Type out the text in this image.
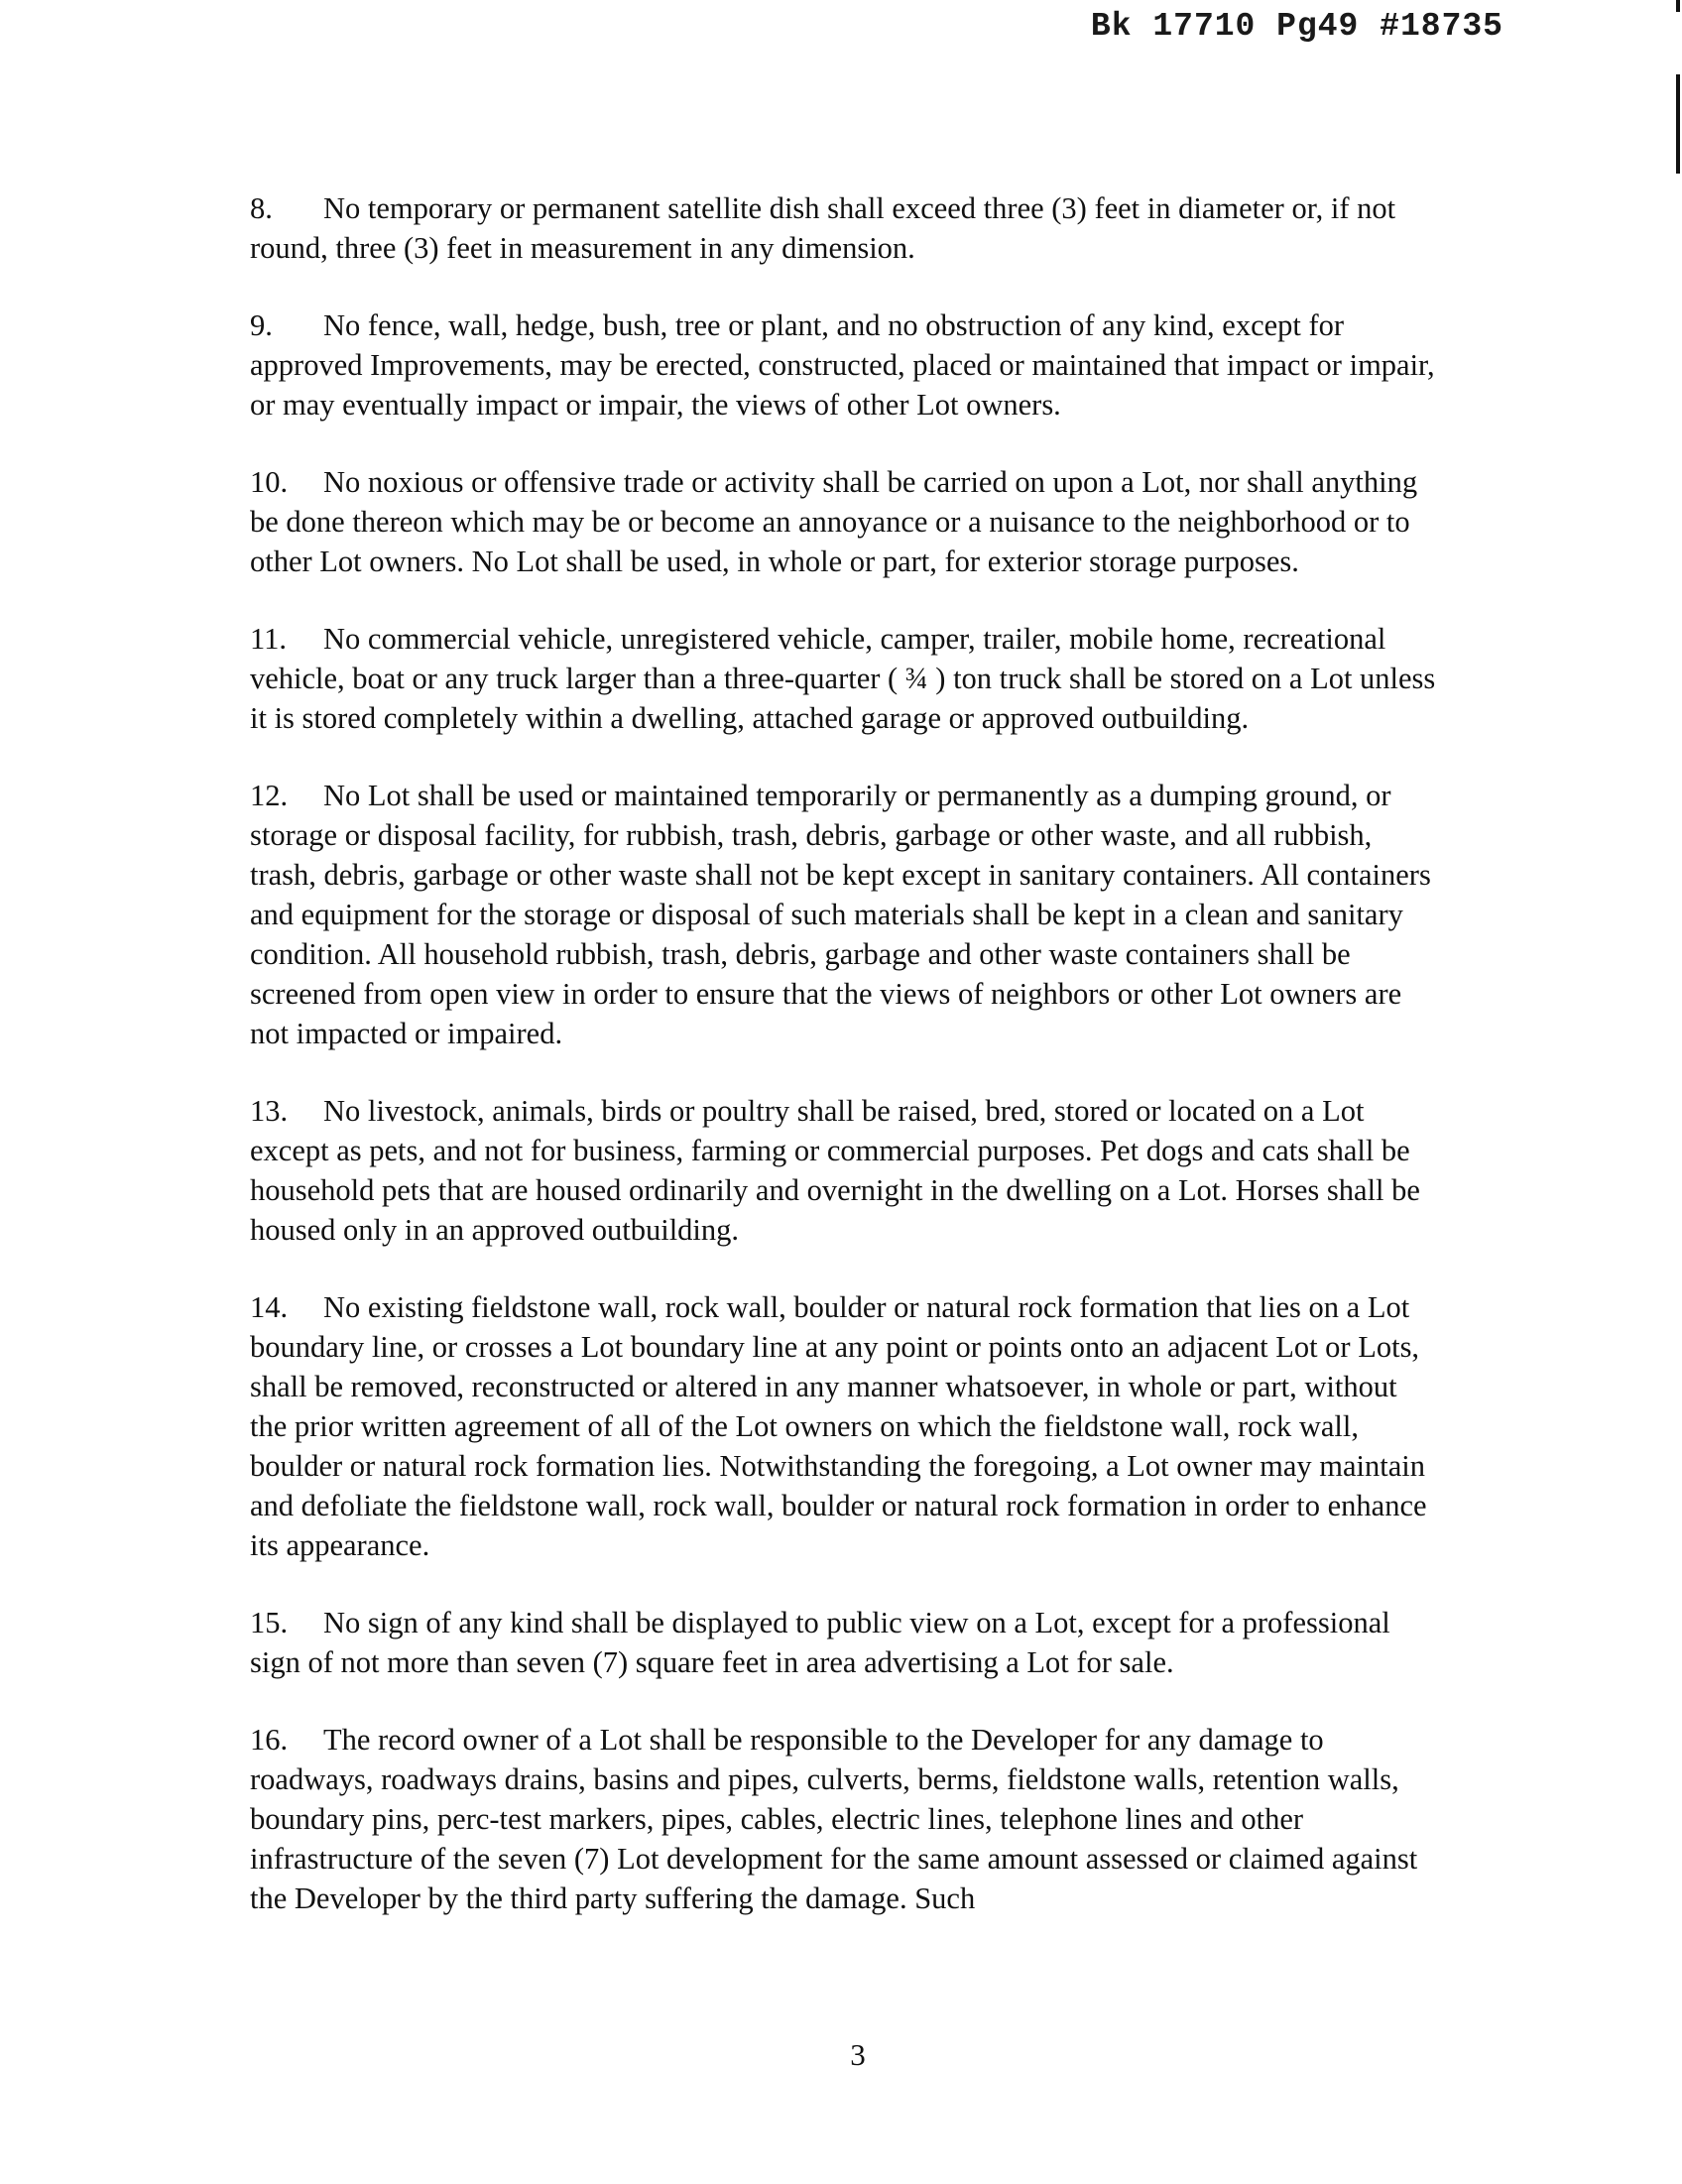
Bk 17710 Pg49 #18735

8. No temporary or permanent satellite dish shall exceed three (3) feet in diameter or, if not round, three (3) feet in measurement in any dimension.

9. No fence, wall, hedge, bush, tree or plant, and no obstruction of any kind, except for approved Improvements, may be erected, constructed, placed or maintained that impact or impair, or may eventually impact or impair, the views of other Lot owners.

10. No noxious or offensive trade or activity shall be carried on upon a Lot, nor shall anything be done thereon which may be or become an annoyance or a nuisance to the neighborhood or to other Lot owners. No Lot shall be used, in whole or part, for exterior storage purposes.

11. No commercial vehicle, unregistered vehicle, camper, trailer, mobile home, recreational vehicle, boat or any truck larger than a three-quarter ( ¾ ) ton truck shall be stored on a Lot unless it is stored completely within a dwelling, attached garage or approved outbuilding.

12. No Lot shall be used or maintained temporarily or permanently as a dumping ground, or storage or disposal facility, for rubbish, trash, debris, garbage or other waste, and all rubbish, trash, debris, garbage or other waste shall not be kept except in sanitary containers. All containers and equipment for the storage or disposal of such materials shall be kept in a clean and sanitary condition. All household rubbish, trash, debris, garbage and other waste containers shall be screened from open view in order to ensure that the views of neighbors or other Lot owners are not impacted or impaired.

13. No livestock, animals, birds or poultry shall be raised, bred, stored or located on a Lot except as pets, and not for business, farming or commercial purposes. Pet dogs and cats shall be household pets that are housed ordinarily and overnight in the dwelling on a Lot. Horses shall be housed only in an approved outbuilding.

14. No existing fieldstone wall, rock wall, boulder or natural rock formation that lies on a Lot boundary line, or crosses a Lot boundary line at any point or points onto an adjacent Lot or Lots, shall be removed, reconstructed or altered in any manner whatsoever, in whole or part, without the prior written agreement of all of the Lot owners on which the fieldstone wall, rock wall, boulder or natural rock formation lies. Notwithstanding the foregoing, a Lot owner may maintain and defoliate the fieldstone wall, rock wall, boulder or natural rock formation in order to enhance its appearance.

15. No sign of any kind shall be displayed to public view on a Lot, except for a professional sign of not more than seven (7) square feet in area advertising a Lot for sale.

16. The record owner of a Lot shall be responsible to the Developer for any damage to roadways, roadways drains, basins and pipes, culverts, berms, fieldstone walls, retention walls, boundary pins, perc-test markers, pipes, cables, electric lines, telephone lines and other infrastructure of the seven (7) Lot development for the same amount assessed or claimed against the Developer by the third party suffering the damage. Such

3
